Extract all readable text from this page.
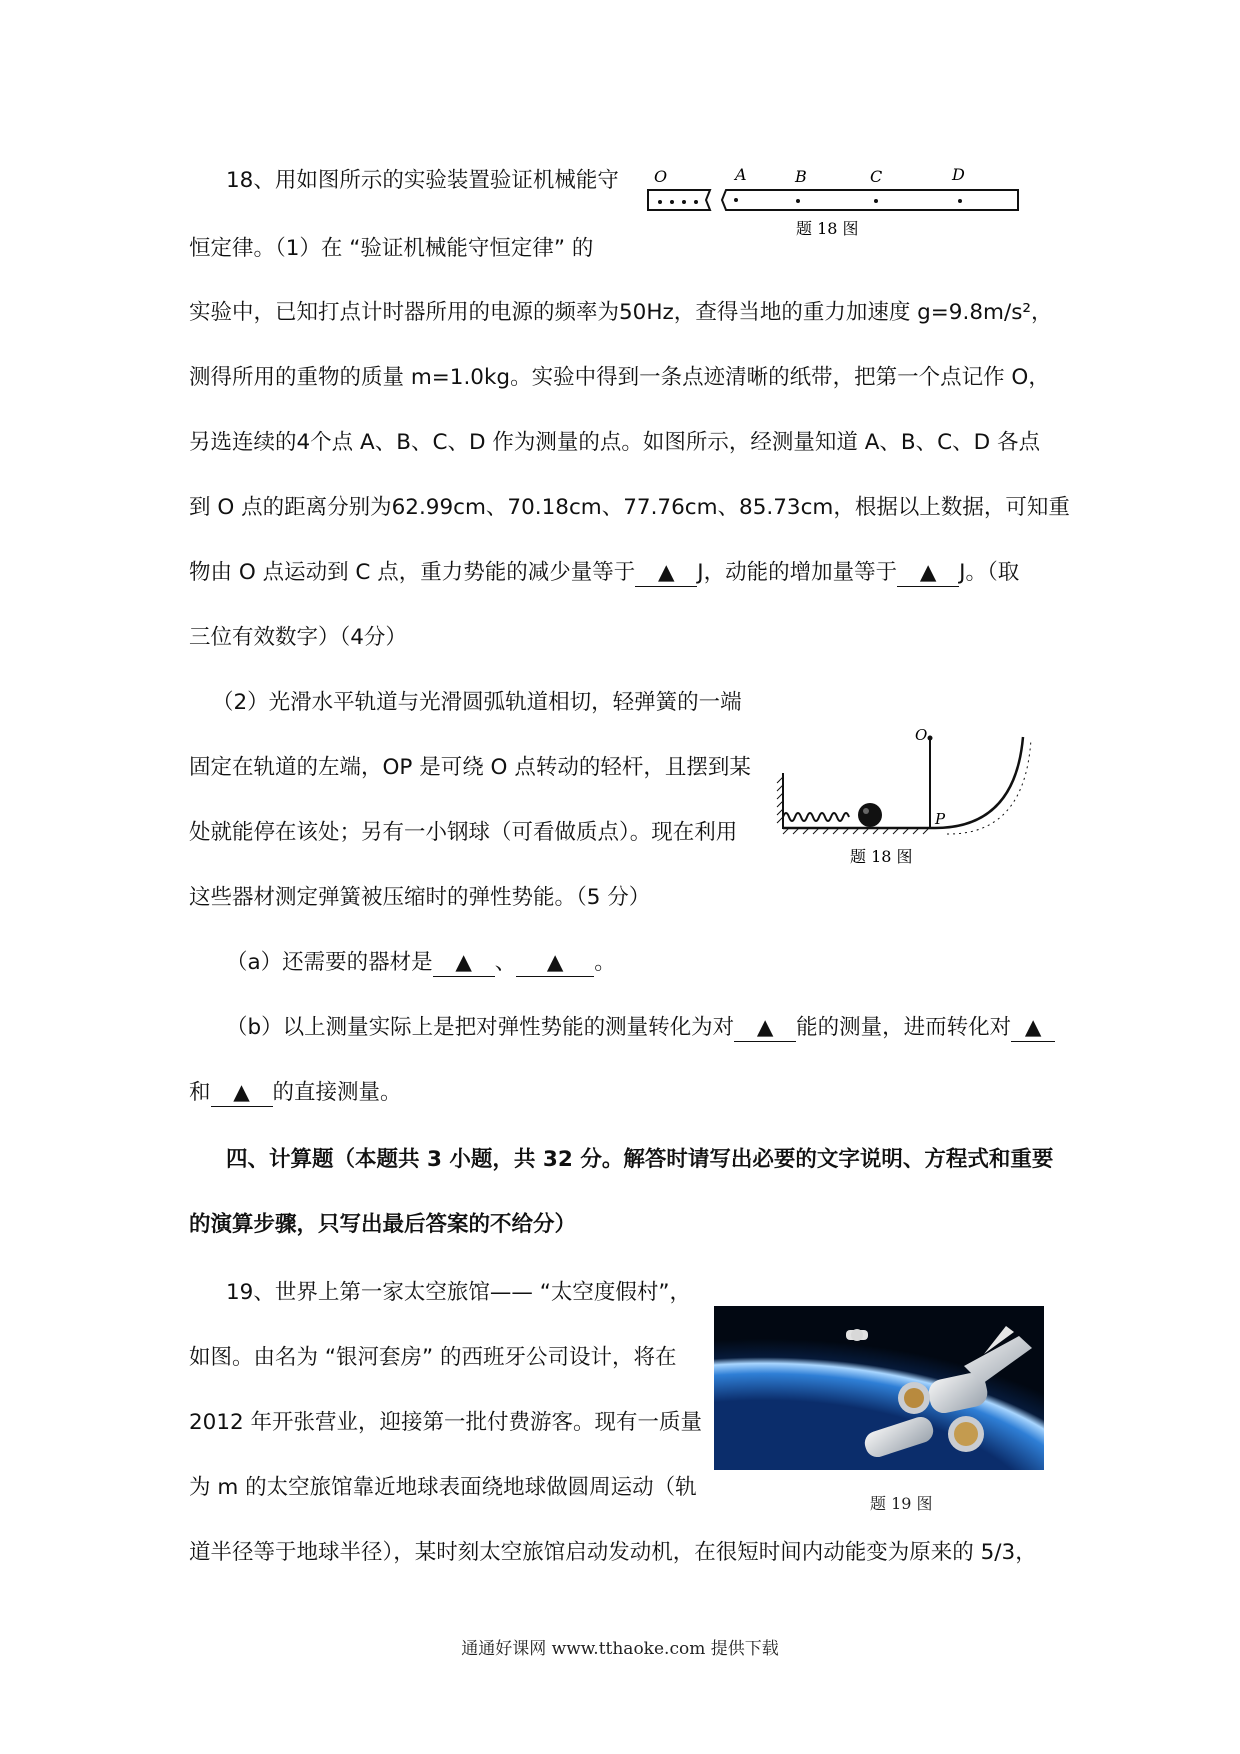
18、用如图所示的实验装置验证机械能守 O	A	B	C	D
题 18 图
恒定律。（1）在 “验证机械能守恒定律” 的
实验中，已知打点计时器所用的电源的频率为50Hz，查得当地的重力加速度 g=9.8m/s²，
测得所用的重物的质量 m=1.0kg。实验中得到一条点迹清晰的纸带，把第一个点记作 O，
另选连续的4个点 A、B、C、D 作为测量的点。如图所示，经测量知道 A、B、C、D 各点
到 O 点的距离分别为62.99cm、70.18cm、77.76cm、85.73cm，根据以上数据，可知重
物由 O 点运动到 C 点，重力势能的减少量等于 ▲ J，动能的增加量等于 ▲ J。（取
三位有效数字）（4分）
（2）光滑水平轨道与光滑圆弧轨道相切，轻弹簧的一端
O
P
题 18 图
固定在轨道的左端，OP 是可绕 O 点转动的轻杆，且摆到某
处就能停在该处；另有一小钢球（可看做质点）。现在利用
这些器材测定弹簧被压缩时的弹性势能。（5 分）
（a）还需要的器材是 ▲ 、 ▲ 。
（b）以上测量实际上是把对弹性势能的测量转化为对 ▲ 能的测量，进而转化对 ▲
和 ▲ 的直接测量。
四、计算题（本题共 3 小题，共 32 分。解答时请写出必要的文字说明、方程式和重要
的演算步骤，只写出最后答案的不给分）
19、世界上第一家太空旅馆—— “太空度假村”，
题 19 图
如图。由名为 “银河套房” 的西班牙公司设计，将在
2012 年开张营业，迎接第一批付费游客。现有一质量
为 m 的太空旅馆靠近地球表面绕地球做圆周运动（轨
道半径等于地球半径），某时刻太空旅馆启动发动机，在很短时间内动能变为原来的 5/3，
通通好课网 www.tthaoke.com 提供下载
